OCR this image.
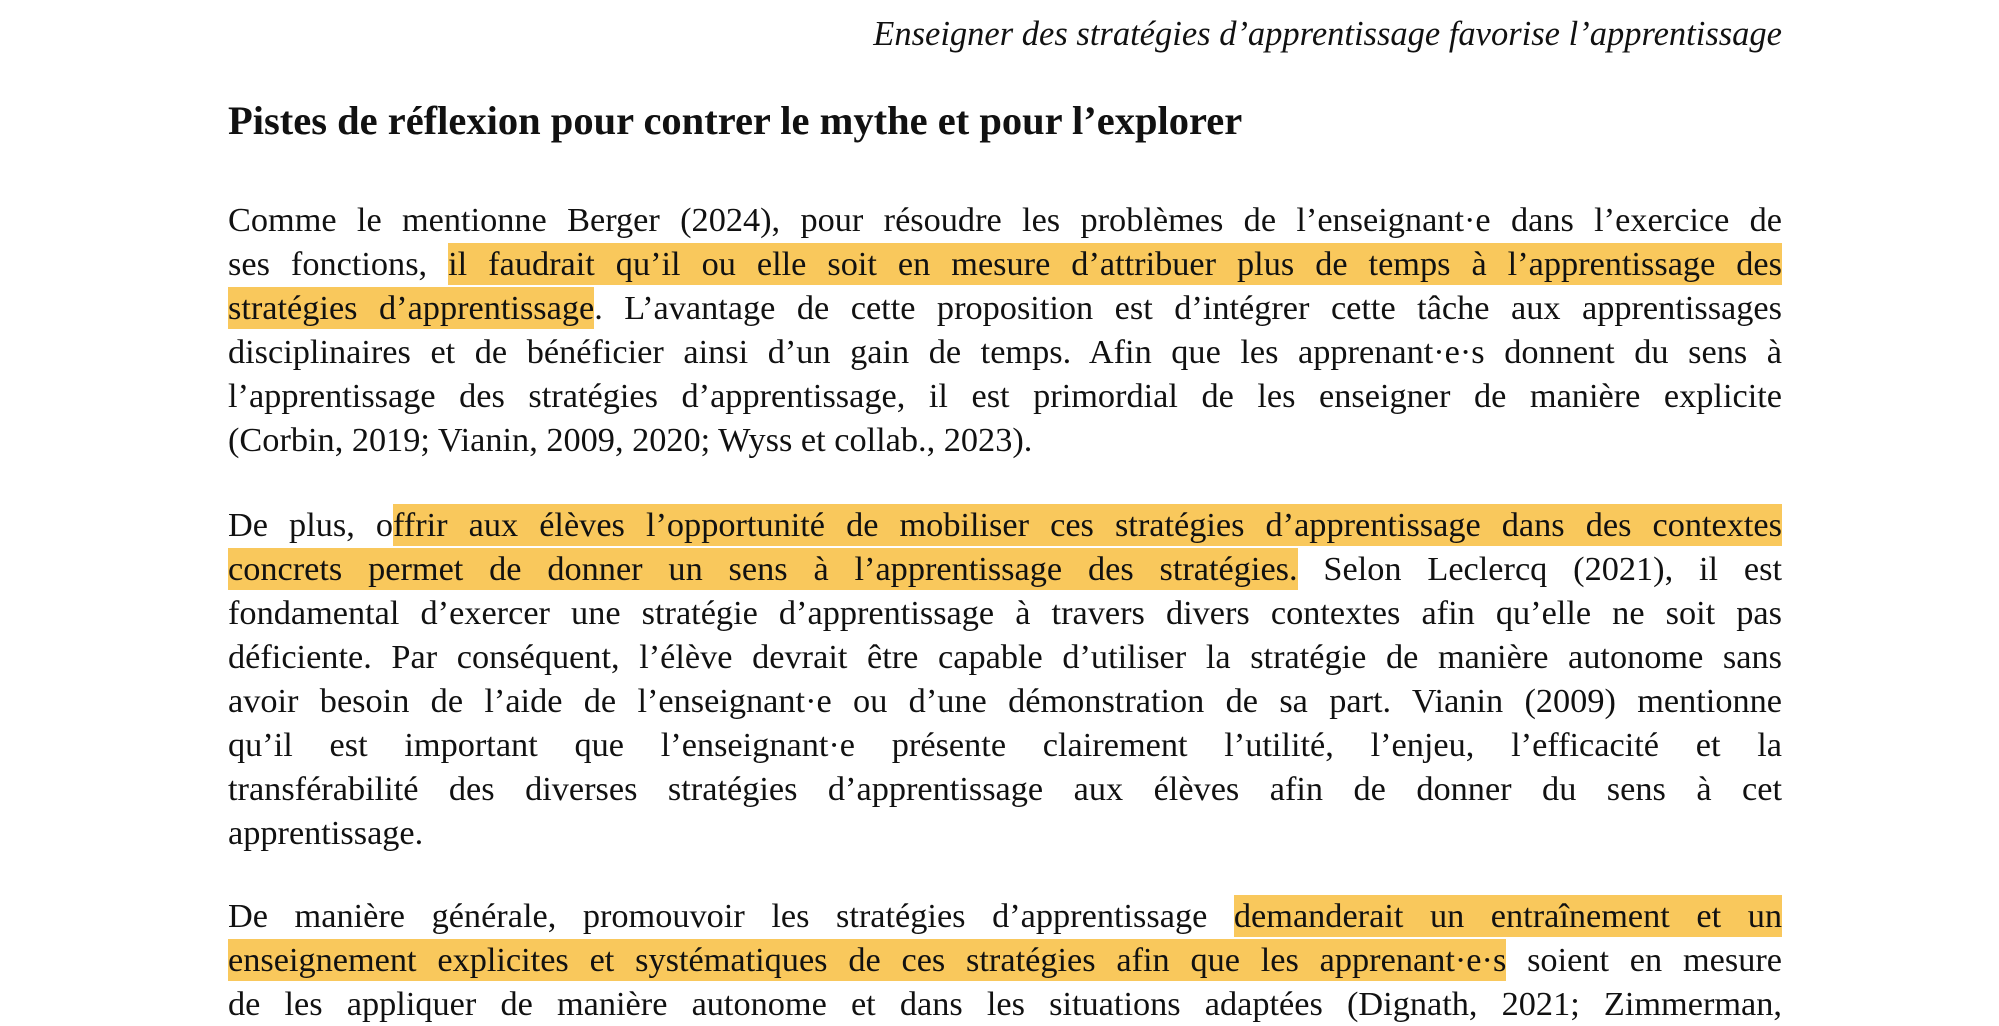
Enseigner des stratégies d’apprentissage favorise l’apprentissage
Pistes de réflexion pour contrer le mythe et pour l’explorer
Comme le mentionne Berger (2024), pour résoudre les problèmes de l’enseignant·e dans l’exercice de
ses fonctions, il faudrait qu’il ou elle soit en mesure d’attribuer plus de temps à l’apprentissage des
stratégies d’apprentissage. L’avantage de cette proposition est d’intégrer cette tâche aux apprentissages
disciplinaires et de bénéficier ainsi d’un gain de temps. Afin que les apprenant·e·s donnent du sens à
l’apprentissage des stratégies d’apprentissage, il est primordial de les enseigner de manière explicite
(Corbin, 2019; Vianin, 2009, 2020; Wyss et collab., 2023).
De plus, offrir aux élèves l’opportunité de mobiliser ces stratégies d’apprentissage dans des contextes
concrets permet de donner un sens à l’apprentissage des stratégies. Selon Leclercq (2021), il est
fondamental d’exercer une stratégie d’apprentissage à travers divers contextes afin qu’elle ne soit pas
déficiente. Par conséquent, l’élève devrait être capable d’utiliser la stratégie de manière autonome sans
avoir besoin de l’aide de l’enseignant·e ou d’une démonstration de sa part. Vianin (2009) mentionne
qu’il est important que l’enseignant·e présente clairement l’utilité, l’enjeu, l’efficacité et la
transférabilité des diverses stratégies d’apprentissage aux élèves afin de donner du sens à cet
apprentissage.
De manière générale, promouvoir les stratégies d’apprentissage demanderait un entraînement et un
enseignement explicites et systématiques de ces stratégies afin que les apprenant·e·s soient en mesure
de les appliquer de manière autonome et dans les situations adaptées (Dignath, 2021; Zimmerman,
